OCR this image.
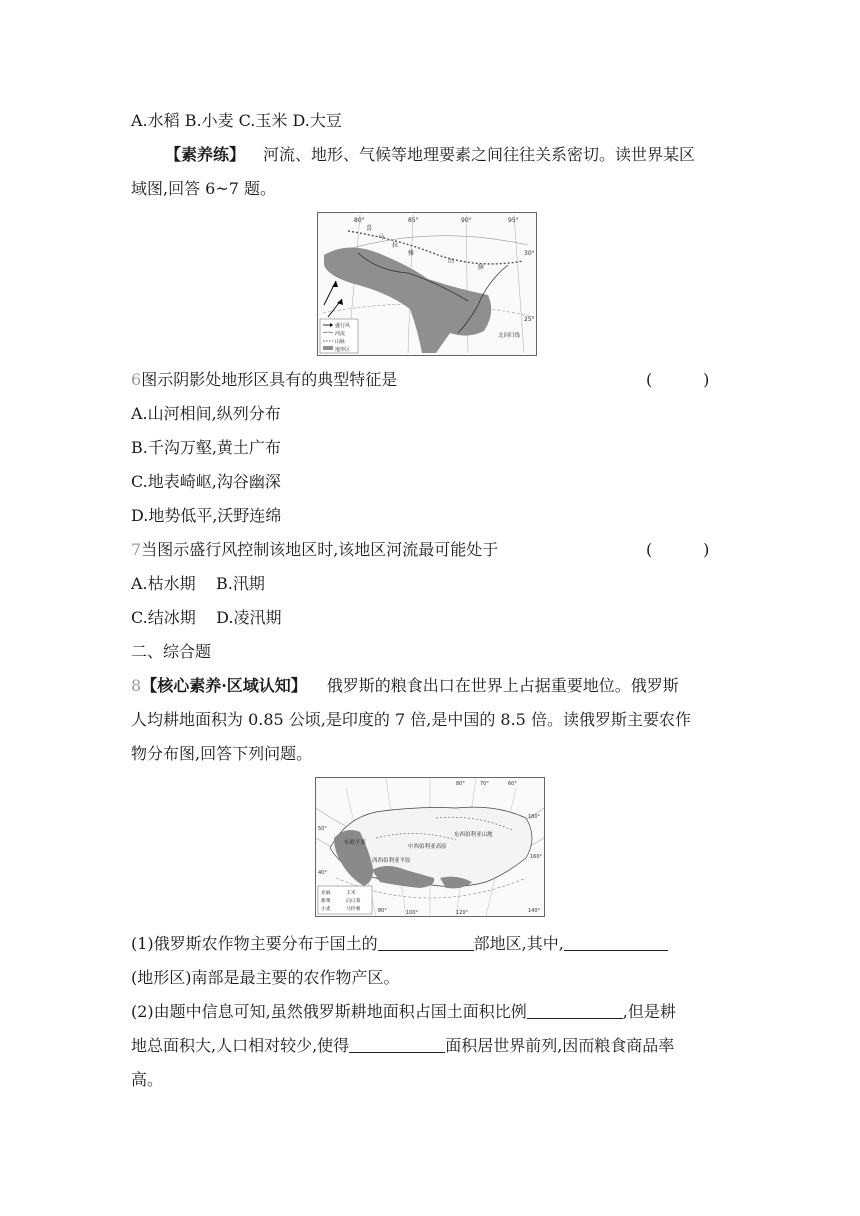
A.水稻 B.小麦 C.玉米 D.大豆
【素养练】 河流、地形、气候等地理要素之间往往关系密切。读世界某区
域图,回答 6~7 题。
80°	85°	90°	95°
30°
25°
喜
马
拉
雅
山
脉
北回归线
盛行风
河流
山脉
地形区
6图示阴影处地形区具有的典型特征是	(          )
A.山河相间,纵列分布
B.千沟万壑,黄土广布
C.地表崎岖,沟谷幽深
D.地势低平,沃野连绵
7当图示盛行风控制该地区时,该地区河流最可能处于	(          )
A.枯水期    B.汛期
C.结冰期    D.凌汛期
二、综合题
8【核心素养·区域认知】 俄罗斯的粮食出口在世界上占据重要地位。俄罗斯
人均耕地面积为 0.85 公顷,是印度的 7 倍,是中国的 8.5 倍。读俄罗斯主要农作
物分布图,回答下列问题。
东西伯利亚山地
中西伯利亚高原
西西伯利亚平原
东欧平原
80°	100°	120°	140°
160°
180°
80°	70°	60°
50°
40°
亚麻	玉米
甜菜	向日葵
小麦	马铃薯
(1)俄罗斯农作物主要分布于国土的	部地区,其中,
(地形区)南部是最主要的农作物产区。
(2)由题中信息可知,虽然俄罗斯耕地面积占国土面积比例	,但是耕
地总面积大,人口相对较少,使得	面积居世界前列,因而粮食商品率
高。
